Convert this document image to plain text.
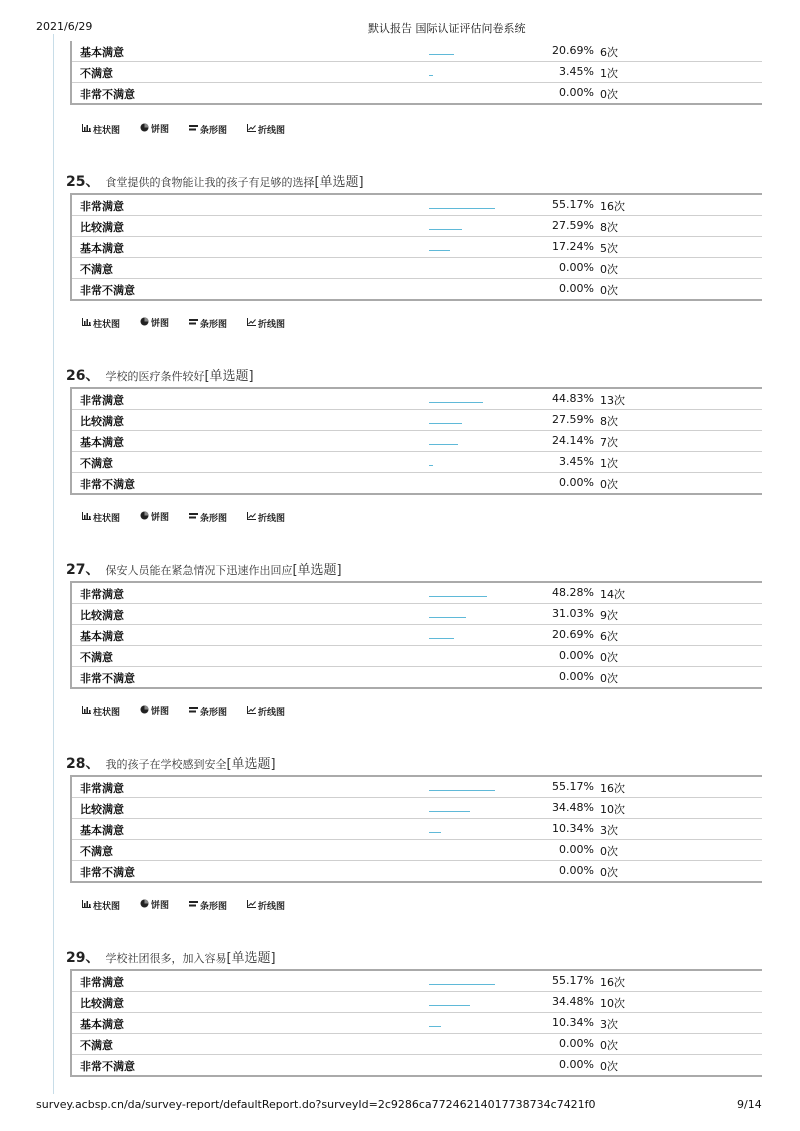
2021/6/29	默认报告 国际认证评估问卷系统
基本满意	20.69% 6次
不满意	3.45% 1次
非常不满意	0.00% 0次
柱状图	饼图	条形图	折线图
25、 食堂提供的食物能让我的孩子有足够的选择[单选题]
非常满意	55.17% 16次
比较满意	27.59% 8次
基本满意	17.24% 5次
不满意	0.00% 0次
非常不满意	0.00% 0次
柱状图	饼图	条形图	折线图
26、 学校的医疗条件较好[单选题]
非常满意	44.83% 13次
比较满意	27.59% 8次
基本满意	24.14% 7次
不满意	3.45% 1次
非常不满意	0.00% 0次
柱状图	饼图	条形图	折线图
27、 保安人员能在紧急情况下迅速作出回应[单选题]
非常满意	48.28% 14次
比较满意	31.03% 9次
基本满意	20.69% 6次
不满意	0.00% 0次
非常不满意	0.00% 0次
柱状图	饼图	条形图	折线图
28、 我的孩子在学校感到安全[单选题]
非常满意	55.17% 16次
比较满意	34.48% 10次
基本满意	10.34% 3次
不满意	0.00% 0次
非常不满意	0.00% 0次
柱状图	饼图	条形图	折线图
29、 学校社团很多，加入容易[单选题]
非常满意	55.17% 16次
比较满意	34.48% 10次
基本满意	10.34% 3次
不满意	0.00% 0次
非常不满意	0.00% 0次
survey.acbsp.cn/da/survey-report/defaultReport.do?surveyId=2c9286ca772462140177387​34c7421f0	9/14
